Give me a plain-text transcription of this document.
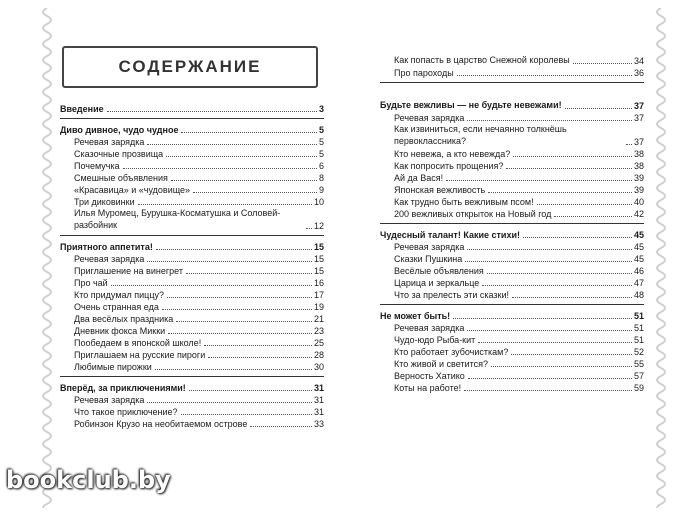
СОДЕРЖАНИЕ
Введение	3
Диво дивное, чудо чудное	5
Речевая зарядка	5
Сказочные прозвища	5
Почемучка	6
Смешные объявления	8
«Красавица» и «чудовище»	9
Три диковинки	10
Илья Муромец, Бурушка-Косматушка и Соловей-разбойник	12
Приятного аппетита!	15
Речевая зарядка	15
Приглашение на винегрет	15
Про чай	16
Кто придумал пиццу?	17
Очень странная еда	19
Два весёлых праздника	21
Дневник фокса Микки	23
Пообедаем в японской школе!	25
Приглашаем на русские пироги	28
Любимые пирожки	30
Вперёд, за приключениями!	31
Речевая зарядка	31
Что такое приключение?	31
Робинзон Крузо на необитаемом острове	33
Как попасть в царство Снежной королевы	34
Про пароходы	36
Будьте вежливы — не будьте невежами!	37
Речевая зарядка	37
Как извиниться, если нечаянно толкнёшь первоклассника?	37
Кто невежа, а кто невежда?	38
Как попросить прощения?	38
Ай да Вася!	39
Японская вежливость	39
Как трудно быть вежливым псом!	40
200 вежливых открыток на Новый год	42
Чудесный талант! Какие стихи!	45
Речевая зарядка	45
Сказки Пушкина	45
Весёлые объявления	46
Царица и зеркальце	47
Что за прелесть эти сказки!	48
Не может быть!	51
Речевая зарядка	51
Чудо-юдо Рыба-кит	51
Кто работает зубочисткам?	52
Кто живой и светится?	55
Верность Хатико	57
Коты на работе!	59
bookclub.by
